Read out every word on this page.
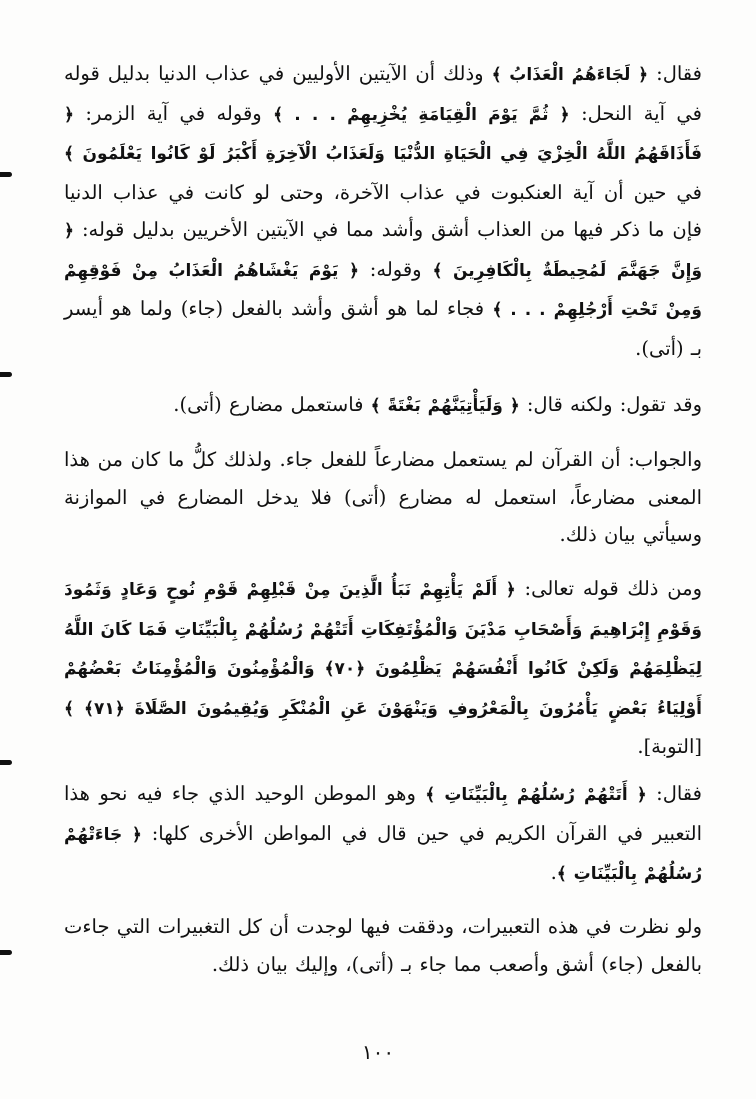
فقال: ﴿ لَجَاءَهُمُ الْعَذَابُ ﴾ وذلك أن الآيتين الأوليين في عذاب الدنيا بدليل قوله في آية النحل: ﴿ ثُمَّ يَوْمَ الْقِيَامَةِ يُخْزِيهِمْ . . . ﴾ وقوله في آية الزمر: ﴿ فَأَذَاقَهُمُ اللَّهُ الْخِزْيَ فِي الْحَيَاةِ الدُّنْيَا وَلَعَذَابُ الْآخِرَةِ أَكْبَرُ لَوْ كَانُوا يَعْلَمُونَ ﴾ في حين أن آية العنكبوت في عذاب الآخرة، وحتى لو كانت في عذاب الدنيا فإن ما ذكر فيها من العذاب أشق وأشد مما في الآيتين الأخريين بدليل قوله: ﴿ وَإِنَّ جَهَنَّمَ لَمُحِيطَةٌ بِالْكَافِرِينَ ﴾ وقوله: ﴿ يَوْمَ يَغْشَاهُمُ الْعَذَابُ مِنْ فَوْقِهِمْ وَمِنْ تَحْتِ أَرْجُلِهِمْ . . . ﴾ فجاء لما هو أشق وأشد بالفعل (جاء) ولما هو أيسر بـ (أتى).
وقد تقول: ولكنه قال: ﴿ وَلَيَأْتِيَنَّهُمْ بَغْتَةً ﴾ فاستعمل مضارع (أتى).
والجواب: أن القرآن لم يستعمل مضارعاً للفعل جاء. ولذلك كلُّ ما كان من هذا المعنى مضارعاً، استعمل له مضارع (أتى) فلا يدخل المضارع في الموازنة وسيأتي بيان ذلك.
ومن ذلك قوله تعالى: ﴿ أَلَمْ يَأْتِهِمْ نَبَأُ الَّذِينَ مِنْ قَبْلِهِمْ قَوْمِ نُوحٍ وَعَادٍ وَثَمُودَ وَقَوْمِ إِبْرَاهِيمَ وَأَصْحَابِ مَدْيَنَ وَالْمُؤْتَفِكَاتِ أَتَتْهُمْ رُسُلُهُمْ بِالْبَيِّنَاتِ فَمَا كَانَ اللَّهُ لِيَظْلِمَهُمْ وَلَكِنْ كَانُوا أَنْفُسَهُمْ يَظْلِمُونَ ﴿٧٠﴾ وَالْمُؤْمِنُونَ وَالْمُؤْمِنَاتُ بَعْضُهُمْ أَوْلِيَاءُ بَعْضٍ يَأْمُرُونَ بِالْمَعْرُوفِ وَيَنْهَوْنَ عَنِ الْمُنْكَرِ وَيُقِيمُونَ الصَّلَاةَ ﴿٧١﴾ ﴾ [التوبة].
فقال: ﴿ أَتَتْهُمْ رُسُلُهُمْ بِالْبَيِّنَاتِ ﴾ وهو الموطن الوحيد الذي جاء فيه نحو هذا التعبير في القرآن الكريم في حين قال في المواطن الأخرى كلها: ﴿ جَاءَتْهُمْ رُسُلُهُمْ بِالْبَيِّنَاتِ ﴾.
ولو نظرت في هذه التعبيرات، ودققت فيها لوجدت أن كل التغبيرات التي جاءت بالفعل (جاء) أشق وأصعب مما جاء بـ (أتى)، وإليك بيان ذلك.
١٠٠
